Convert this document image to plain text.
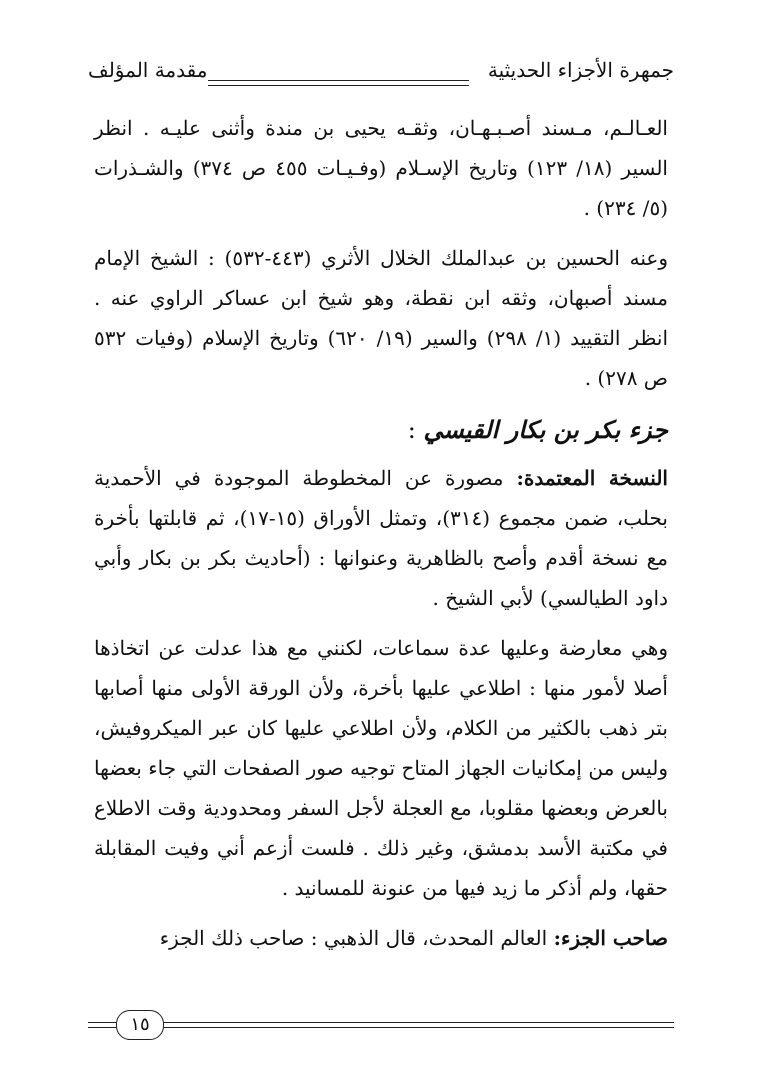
جمهرة الأجزاء الحديثية
مقدمة المؤلف

العـالـم، مـسند أصـبـهـان، وثقـه يحيى بن مندة وأثنى عليـه . انظر السير (١٨/ ١٢٣) وتاريخ الإسـلام (وفـيـات ٤٥٥ ص ٣٧٤) والشـذرات (٥/ ٢٣٤) .

وعنه الحسين بن عبدالملك الخلال الأثري (٤٤٣-٥٣٢) : الشيخ الإمام مسند أصبهان، وثقه ابن نقطة، وهو شيخ ابن عساكر الراوي عنه . انظر التقييد (١/ ٢٩٨) والسير (١٩/ ٦٢٠) وتاريخ الإسلام (وفيات ٥٣٢ ص ٢٧٨) .

جزء بكر بن بكار القيسي :

النسخة المعتمدة: مصورة عن المخطوطة الموجودة في الأحمدية بحلب، ضمن مجموع (٣١٤)، وتمثل الأوراق (١٥-١٧)، ثم قابلتها بأخرة مع نسخة أقدم وأصح بالظاهرية وعنوانها : (أحاديث بكر بن بكار وأبي داود الطيالسي) لأبي الشيخ .

وهي معارضة وعليها عدة سماعات، لكنني مع هذا عدلت عن اتخاذها أصلا لأمور منها : اطلاعي عليها بأخرة، ولأن الورقة الأولى منها أصابها بتر ذهب بالكثير من الكلام، ولأن اطلاعي عليها كان عبر الميكروفيش، وليس من إمكانيات الجهاز المتاح توجيه صور الصفحات التي جاء بعضها بالعرض وبعضها مقلوبا، مع العجلة لأجل السفر ومحدودية وقت الاطلاع في مكتبة الأسد بدمشق، وغير ذلك . فلست أزعم أني وفيت المقابلة حقها، ولم أذكر ما زيد فيها من عنونة للمسانيد .

صاحب الجزء: العالم المحدث، قال الذهبي : صاحب ذلك الجزء

١٥
